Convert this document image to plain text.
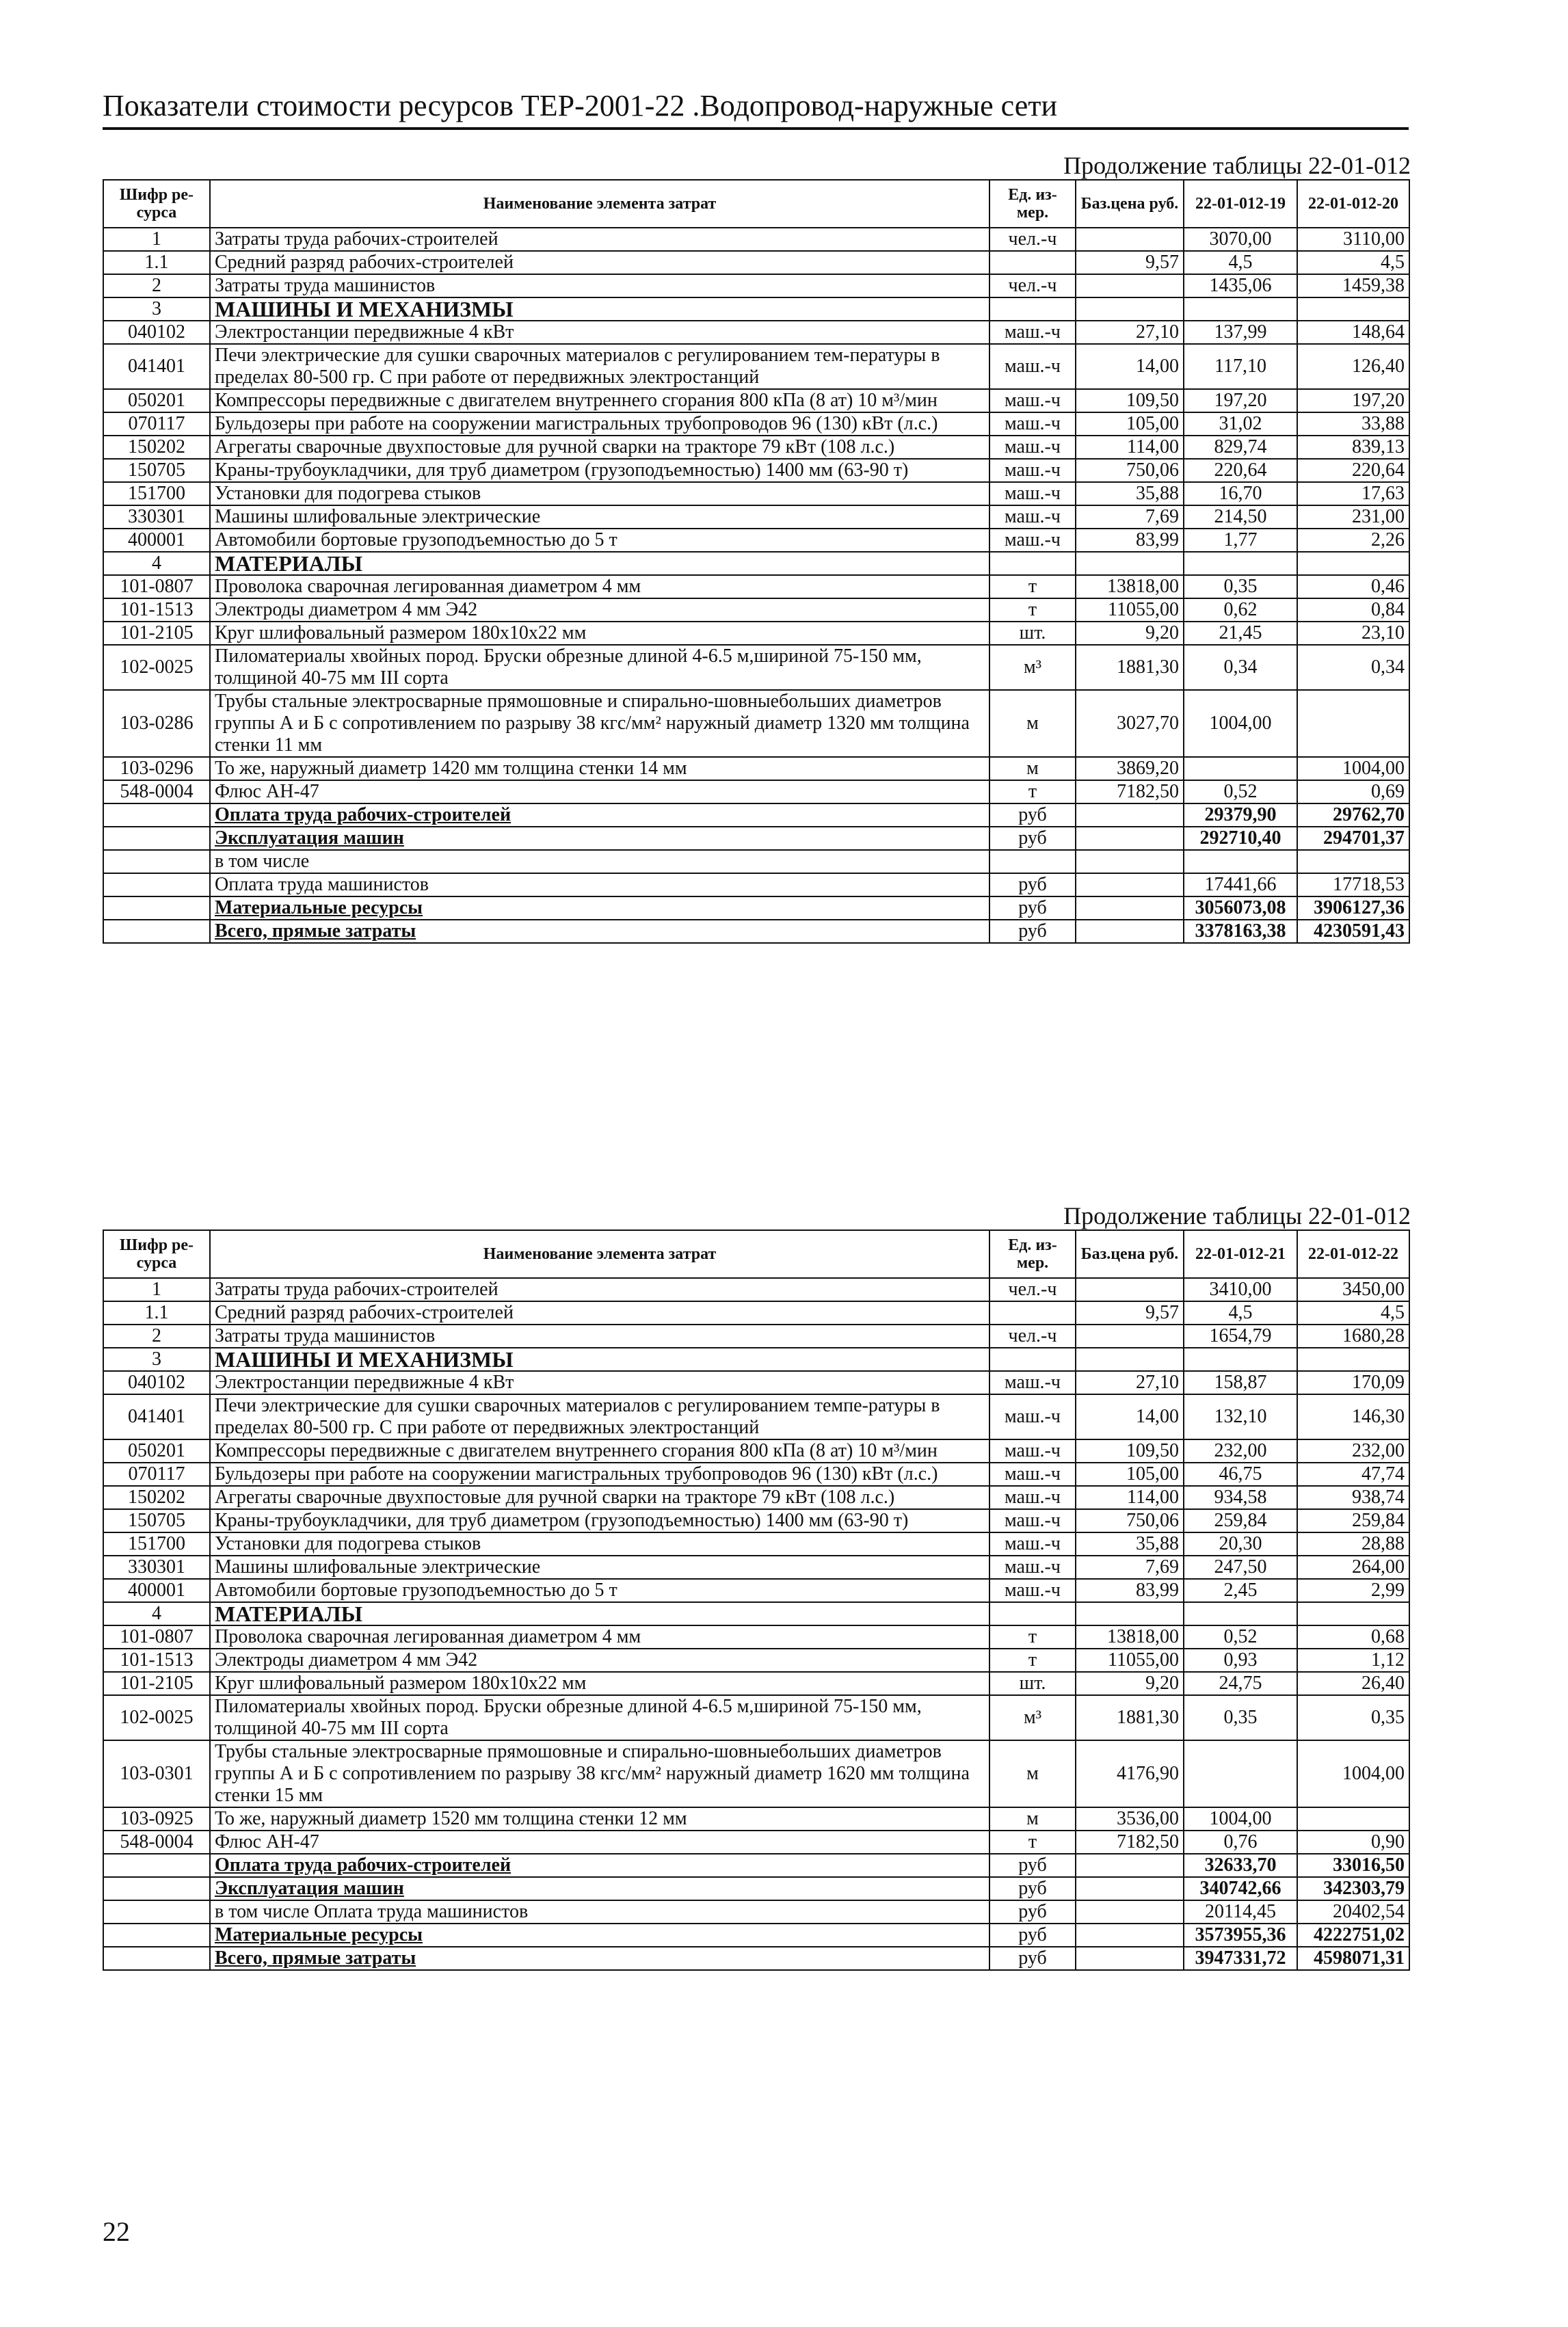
Показатели стоимости ресурсов ТЕР-2001-22 .Водопровод-наружные сети
Продолжение таблицы 22-01-012
Шифр ре-сурса	Наименование элемента затрат	Ед. из-мер.	Баз.цена руб.	22-01-012-19	22-01-012-20
1	Затраты труда рабочих-строителей	чел.-ч		3070,00	3110,00
1.1	Средний разряд рабочих-строителей		9,57	4,5	4,5
2	Затраты труда машинистов	чел.-ч		1435,06	1459,38
3	МАШИНЫ И МЕХАНИЗМЫ				
040102	Электростанции передвижные 4 кВт	маш.-ч	27,10	137,99	148,64
041401	Печи электрические для сушки сварочных материалов с регулированием тем-пературы в пределах 80-500 гр. С при работе от передвижных электростанций	маш.-ч	14,00	117,10	126,40
050201	Компрессоры передвижные с двигателем внутреннего сгорания 800 кПа (8 ат) 10 м³/мин	маш.-ч	109,50	197,20	197,20
070117	Бульдозеры при работе на сооружении магистральных трубопроводов 96 (130) кВт (л.с.)	маш.-ч	105,00	31,02	33,88
150202	Агрегаты сварочные двухпостовые для ручной сварки на тракторе 79 кВт (108 л.с.)	маш.-ч	114,00	829,74	839,13
150705	Краны-трубоукладчики, для труб диаметром (грузоподъемностью) 1400 мм (63-90 т)	маш.-ч	750,06	220,64	220,64
151700	Установки для подогрева стыков	маш.-ч	35,88	16,70	17,63
330301	Машины шлифовальные электрические	маш.-ч	7,69	214,50	231,00
400001	Автомобили бортовые грузоподъемностью до 5 т	маш.-ч	83,99	1,77	2,26
4	МАТЕРИАЛЫ				
101-0807	Проволока сварочная легированная диаметром 4 мм	т	13818,00	0,35	0,46
101-1513	Электроды диаметром 4 мм Э42	т	11055,00	0,62	0,84
101-2105	Круг шлифовальный размером 180х10х22 мм	шт.	9,20	21,45	23,10
102-0025	Пиломатериалы хвойных пород. Бруски обрезные длиной 4-6.5 м,шириной 75-150 мм, толщиной 40-75 мм III сорта	м³	1881,30	0,34	0,34
103-0286	Трубы стальные электросварные прямошовные и спирально-шовныебольших диаметров группы А и Б с сопротивлением по разрыву 38 кгс/мм² наружный диаметр 1320 мм толщина стенки 11 мм	м	3027,70	1004,00	
103-0296	То же, наружный диаметр 1420 мм толщина стенки 14 мм	м	3869,20		1004,00
548-0004	Флюс АН-47	т	7182,50	0,52	0,69
	Оплата труда рабочих-строителей	руб		29379,90	29762,70
	Эксплуатация машин	руб		292710,40	294701,37
	в том числе				
	Оплата труда машинистов	руб		17441,66	17718,53
	Материальные ресурсы	руб		3056073,08	3906127,36
	Всего, прямые затраты	руб		3378163,38	4230591,43
Продолжение таблицы 22-01-012
Шифр ре-сурса	Наименование элемента затрат	Ед. из-мер.	Баз.цена руб.	22-01-012-21	22-01-012-22
1	Затраты труда рабочих-строителей	чел.-ч		3410,00	3450,00
1.1	Средний разряд рабочих-строителей		9,57	4,5	4,5
2	Затраты труда машинистов	чел.-ч		1654,79	1680,28
3	МАШИНЫ И МЕХАНИЗМЫ				
040102	Электростанции передвижные 4 кВт	маш.-ч	27,10	158,87	170,09
041401	Печи электрические для сушки сварочных материалов с регулированием темпе-ратуры в пределах 80-500 гр. С при работе от передвижных электростанций	маш.-ч	14,00	132,10	146,30
050201	Компрессоры передвижные с двигателем внутреннего сгорания 800 кПа (8 ат) 10 м³/мин	маш.-ч	109,50	232,00	232,00
070117	Бульдозеры при работе на сооружении магистральных трубопроводов 96 (130) кВт (л.с.)	маш.-ч	105,00	46,75	47,74
150202	Агрегаты сварочные двухпостовые для ручной сварки на тракторе 79 кВт (108 л.с.)	маш.-ч	114,00	934,58	938,74
150705	Краны-трубоукладчики, для труб диаметром (грузоподъемностью) 1400 мм (63-90 т)	маш.-ч	750,06	259,84	259,84
151700	Установки для подогрева стыков	маш.-ч	35,88	20,30	28,88
330301	Машины шлифовальные электрические	маш.-ч	7,69	247,50	264,00
400001	Автомобили бортовые грузоподъемностью до 5 т	маш.-ч	83,99	2,45	2,99
4	МАТЕРИАЛЫ				
101-0807	Проволока сварочная легированная диаметром 4 мм	т	13818,00	0,52	0,68
101-1513	Электроды диаметром 4 мм Э42	т	11055,00	0,93	1,12
101-2105	Круг шлифовальный размером 180х10х22 мм	шт.	9,20	24,75	26,40
102-0025	Пиломатериалы хвойных пород. Бруски обрезные длиной 4-6.5 м,шириной 75-150 мм, толщиной 40-75 мм III сорта	м³	1881,30	0,35	0,35
103-0301	Трубы стальные электросварные прямошовные и спирально-шовныебольших диаметров группы А и Б с сопротивлением по разрыву 38 кгс/мм² наружный диаметр 1620 мм толщина стенки 15 мм	м	4176,90		1004,00
103-0925	То же, наружный диаметр 1520 мм толщина стенки 12 мм	м	3536,00	1004,00	
548-0004	Флюс АН-47	т	7182,50	0,76	0,90
	Оплата труда рабочих-строителей	руб		32633,70	33016,50
	Эксплуатация машин	руб		340742,66	342303,79
	в том числе Оплата труда машинистов	руб		20114,45	20402,54
	Материальные ресурсы	руб		3573955,36	4222751,02
	Всего, прямые затраты	руб		3947331,72	4598071,31
22
